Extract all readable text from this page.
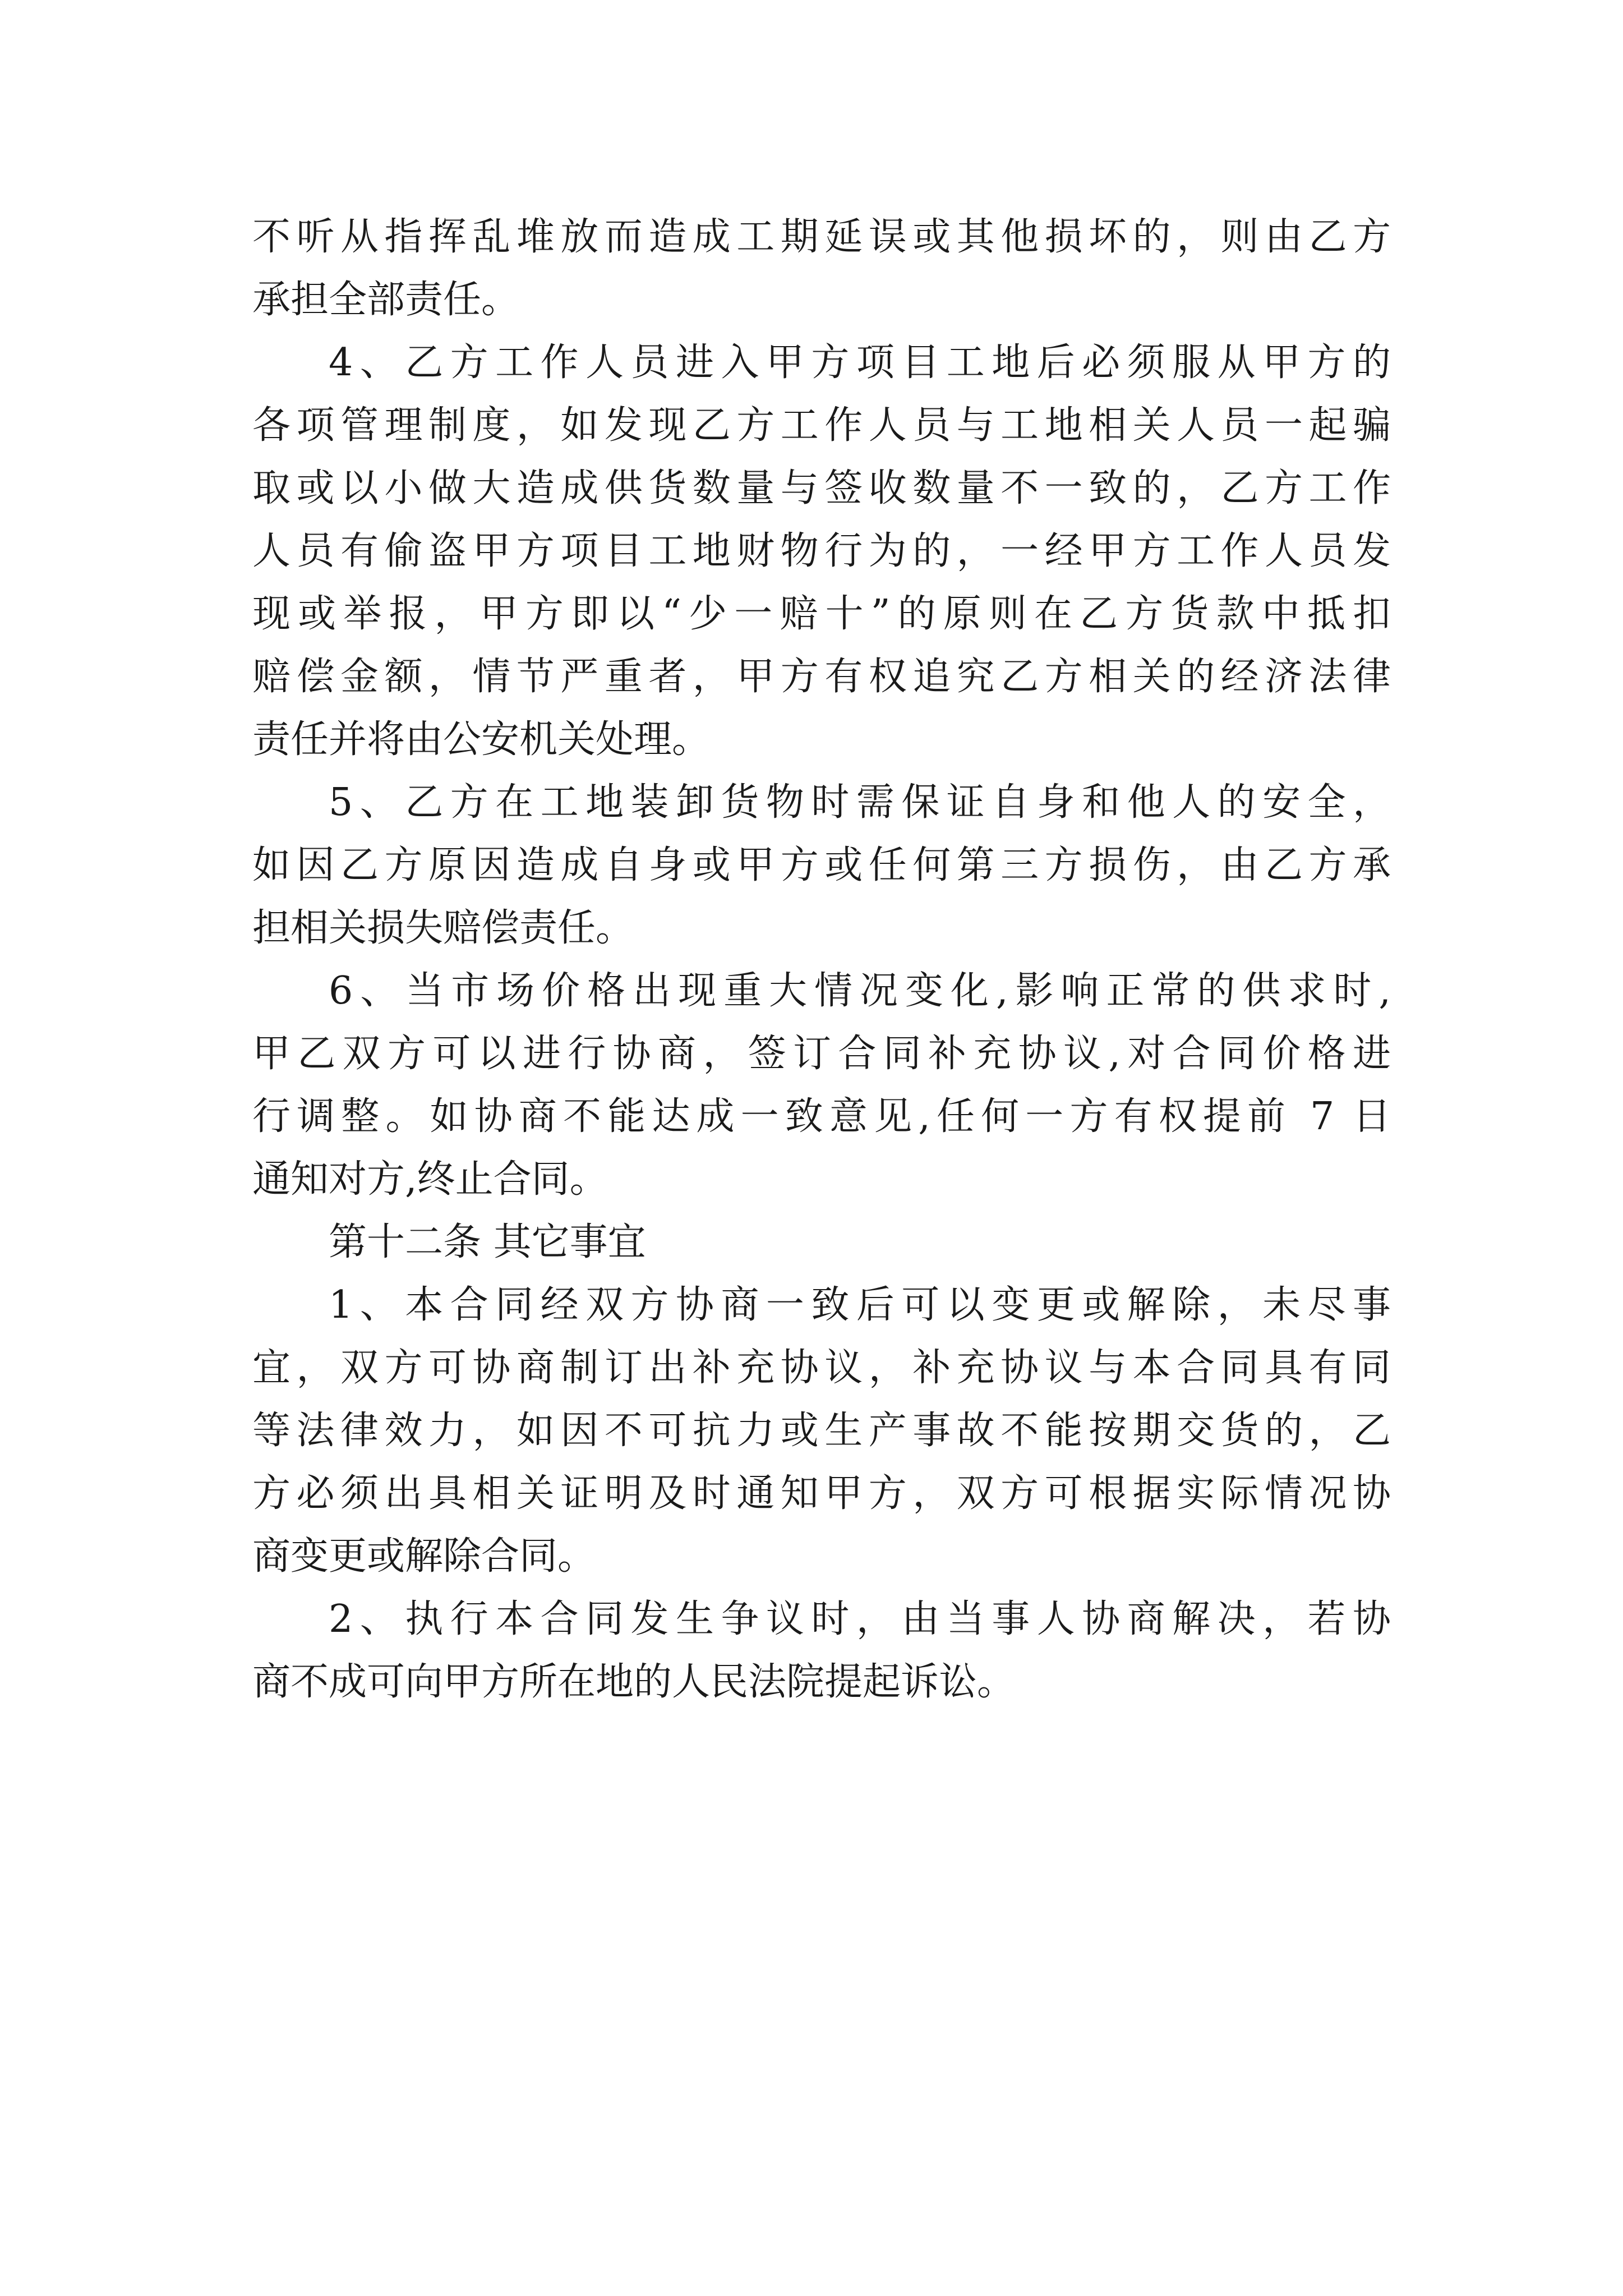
不听从指挥乱堆放而造成工期延误或其他损坏的，则由乙方
承担全部责任。
4、乙方工作人员进入甲方项目工地后必须服从甲方的
各项管理制度，如发现乙方工作人员与工地相关人员一起骗
取或以小做大造成供货数量与签收数量不一致的，乙方工作
人员有偷盗甲方项目工地财物行为的，一经甲方工作人员发
现或举报，甲方即以“少一赔十”的原则在乙方货款中抵扣
赔偿金额，情节严重者，甲方有权追究乙方相关的经济法律
责任并将由公安机关处理。
5、乙方在工地装卸货物时需保证自身和他人的安全，
如因乙方原因造成自身或甲方或任何第三方损伤，由乙方承
担相关损失赔偿责任。
6、当市场价格出现重大情况变化,影响正常的供求时,
甲乙双方可以进行协商，签订合同补充协议,对合同价格进
行调整。如协商不能达成一致意见,任何一方有权提前 7 日
通知对方,终止合同。
第十二条 其它事宜
1、本合同经双方协商一致后可以变更或解除，未尽事
宜，双方可协商制订出补充协议，补充协议与本合同具有同
等法律效力，如因不可抗力或生产事故不能按期交货的，乙
方必须出具相关证明及时通知甲方，双方可根据实际情况协
商变更或解除合同。
2、执行本合同发生争议时，由当事人协商解决，若协
商不成可向甲方所在地的人民法院提起诉讼。
